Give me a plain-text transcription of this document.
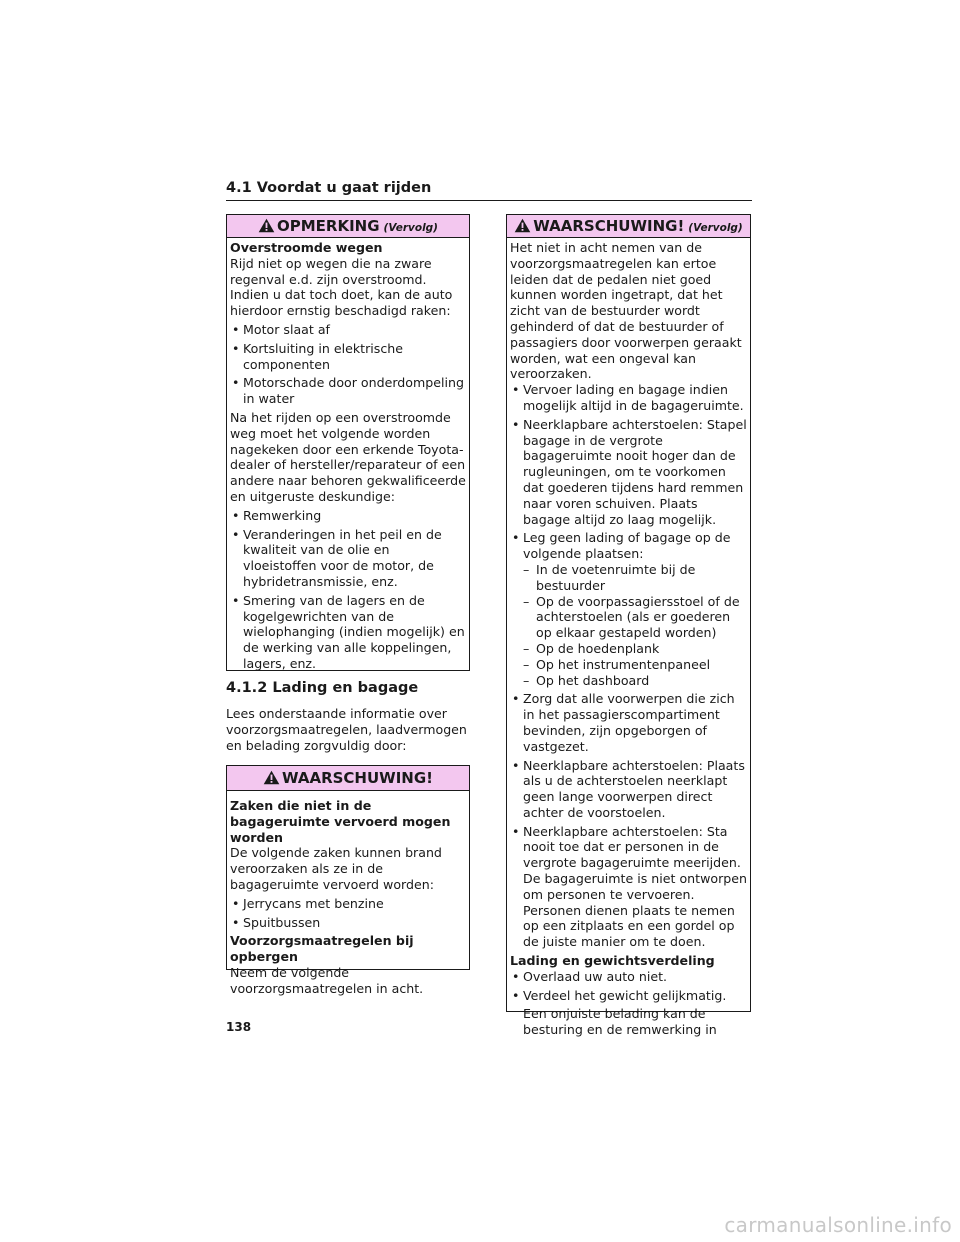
4.1 Voordat u gaat rijden
OPMERKING (Vervolg)

Overstroomde wegen

Rijd niet op wegen die na zware regenval e.d. zijn overstroomd. Indien u dat toch doet, kan de auto hierdoor ernstig beschadigd raken:

• Motor slaat af
• Kortsluiting in elektrische componenten
• Motorschade door onderdompeling in water

Na het rijden op een overstroomde weg moet het volgende worden nagekeken door een erkende Toyota-dealer of hersteller/reparateur of een andere naar behoren gekwalificeerde en uitgeruste deskundige:

• Remwerking
• Veranderingen in het peil en de kwaliteit van de olie en vloeistoffen voor de motor, de hybridetransmissie, enz.
• Smering van de lagers en de kogelgewrichten van de wielophanging (indien mogelijk) en de werking van alle koppelingen, lagers, enz.
4.1.2 Lading en bagage
Lees onderstaande informatie over voorzorgsmaatregelen, laadvermogen en belading zorgvuldig door:
WAARSCHUWING!

Zaken die niet in de bagageruimte vervoerd mogen worden

De volgende zaken kunnen brand veroorzaken als ze in de bagageruimte vervoerd worden:

• Jerrycans met benzine
• Spuitbussen

Voorzorgsmaatregelen bij opbergen

Neem de volgende voorzorgsmaatregelen in acht.

WAARSCHUWING! (Vervolg)

Het niet in acht nemen van de voorzorgsmaatregelen kan ertoe leiden dat de pedalen niet goed kunnen worden ingetrapt, dat het zicht van de bestuurder wordt gehinderd of dat de bestuurder of passagiers door voorwerpen geraakt worden, wat een ongeval kan veroorzaken.

• Vervoer lading en bagage indien mogelijk altijd in de bagageruimte.
• Neerklapbare achterstoelen: Stapel bagage in de vergrote bagageruimte nooit hoger dan de rugleuningen, om te voorkomen dat goederen tijdens hard remmen naar voren schuiven. Plaats bagage altijd zo laag mogelijk.
• Leg geen lading of bagage op de volgende plaatsen:
– In de voetenruimte bij de bestuurder
– Op de voorpassagiersstoel of de achterstoelen (als er goederen op elkaar gestapeld worden)
– Op de hoedenplank
– Op het instrumentenpaneel
– Op het dashboard
• Zorg dat alle voorwerpen die zich in het passagierscompartiment bevinden, zijn opgeborgen of vastgezet.
• Neerklapbare achterstoelen: Plaats als u de achterstoelen neerklapt geen lange voorwerpen direct achter de voorstoelen.
• Neerklapbare achterstoelen: Sta nooit toe dat er personen in de vergrote bagageruimte meerijden. De bagageruimte is niet ontworpen om personen te vervoeren. Personen dienen plaats te nemen op een zitplaats en een gordel op de juiste manier om te doen.

Lading en gewichtsverdeling

• Overlaad uw auto niet.
• Verdeel het gewicht gelijkmatig.
Een onjuiste belading kan de besturing en de remwerking in
138
carmanualsonline.info
